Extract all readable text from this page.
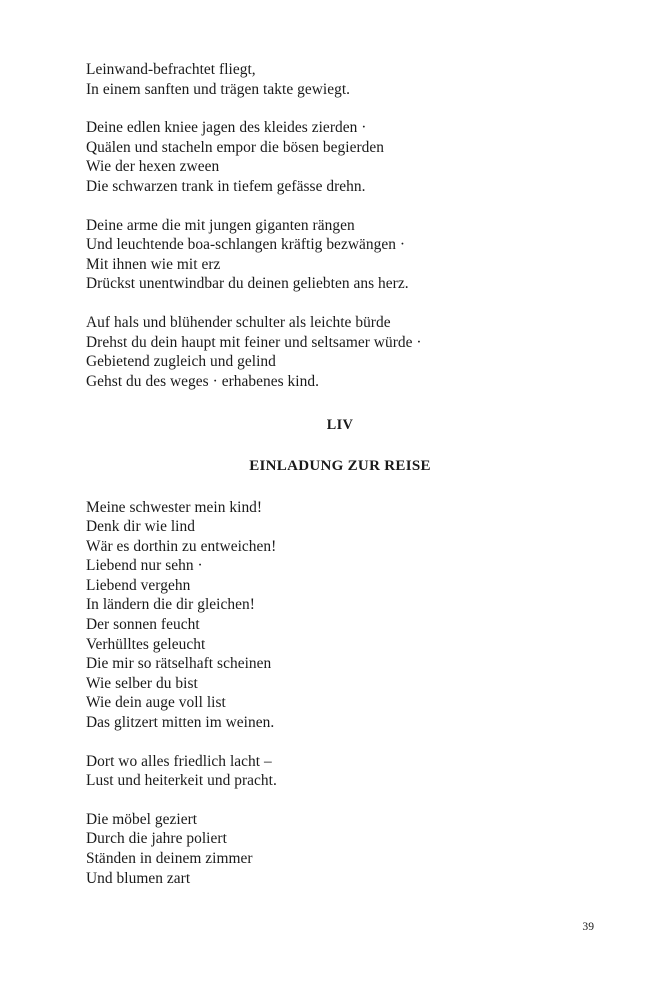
Leinwand-befrachtet fliegt,
In einem sanften und trägen takte gewiegt.
Deine edlen kniee jagen des kleides zierden ·
Quälen und stacheln empor die bösen begierden
Wie der hexen zween
Die schwarzen trank in tiefem gefässe drehn.
Deine arme die mit jungen giganten rängen
Und leuchtende boa-schlangen kräftig bezwängen ·
Mit ihnen wie mit erz
Drückst unentwindbar du deinen geliebten ans herz.
Auf hals und blühender schulter als leichte bürde
Drehst du dein haupt mit feiner und seltsamer würde ·
Gebietend zugleich und gelind
Gehst du des weges · erhabenes kind.
LIV
EINLADUNG ZUR REISE
Meine schwester mein kind!
Denk dir wie lind
Wär es dorthin zu entweichen!
Liebend nur sehn ·
Liebend vergehn
In ländern die dir gleichen!
Der sonnen feucht
Verhülltes geleucht
Die mir so rätselhaft scheinen
Wie selber du bist
Wie dein auge voll list
Das glitzert mitten im weinen.
Dort wo alles friedlich lacht –
Lust und heiterkeit und pracht.
Die möbel geziert
Durch die jahre poliert
Ständen in deinem zimmer
Und blumen zart
39
